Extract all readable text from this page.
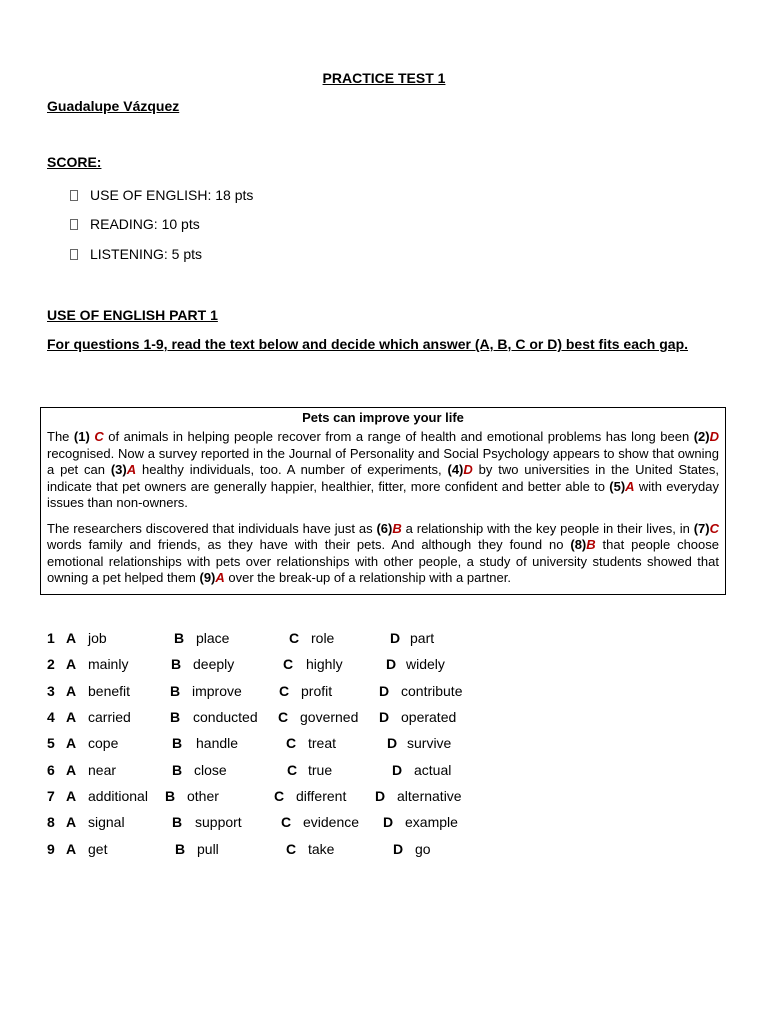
PRACTICE TEST 1
Guadalupe Vázquez
SCORE:
USE OF ENGLISH: 18 pts
READING: 10 pts
LISTENING: 5 pts
USE OF ENGLISH PART 1
For questions 1-9, read the text below and decide which answer (A, B, C or D) best fits each gap.
Pets can improve your life

The (1) C of animals in helping people recover from a range of health and emotional problems has long been (2)D recognised. Now a survey reported in the Journal of Personality and Social Psychology appears to show that owning a pet can (3)A healthy individuals, too. A number of experiments, (4)D by two universities in the United States, indicate that pet owners are generally happier, healthier, fitter, more confident and better able to (5)A with everyday issues than non-owners.

The researchers discovered that individuals have just as (6)B a relationship with the key people in their lives, in (7)C words family and friends, as they have with their pets. And although they found no (8)B that people choose emotional relationships with pets over relationships with other people, a study of university students showed that owning a pet helped them (9)A over the break-up of a relationship with a partner.

1 A job	B place	C role	D part
2 A mainly	B deeply	C highly	D widely
3 A benefit	B improve	C profit	D contribute
4 A carried	B conducted C governed D operated
5 A cope	B handle	C treat	D survive
6 A near	B close	C true	D actual
7 A additional B other	C different D alternative
8 A signal	B support	C evidence D example
9 A get	B pull	C take	D go
